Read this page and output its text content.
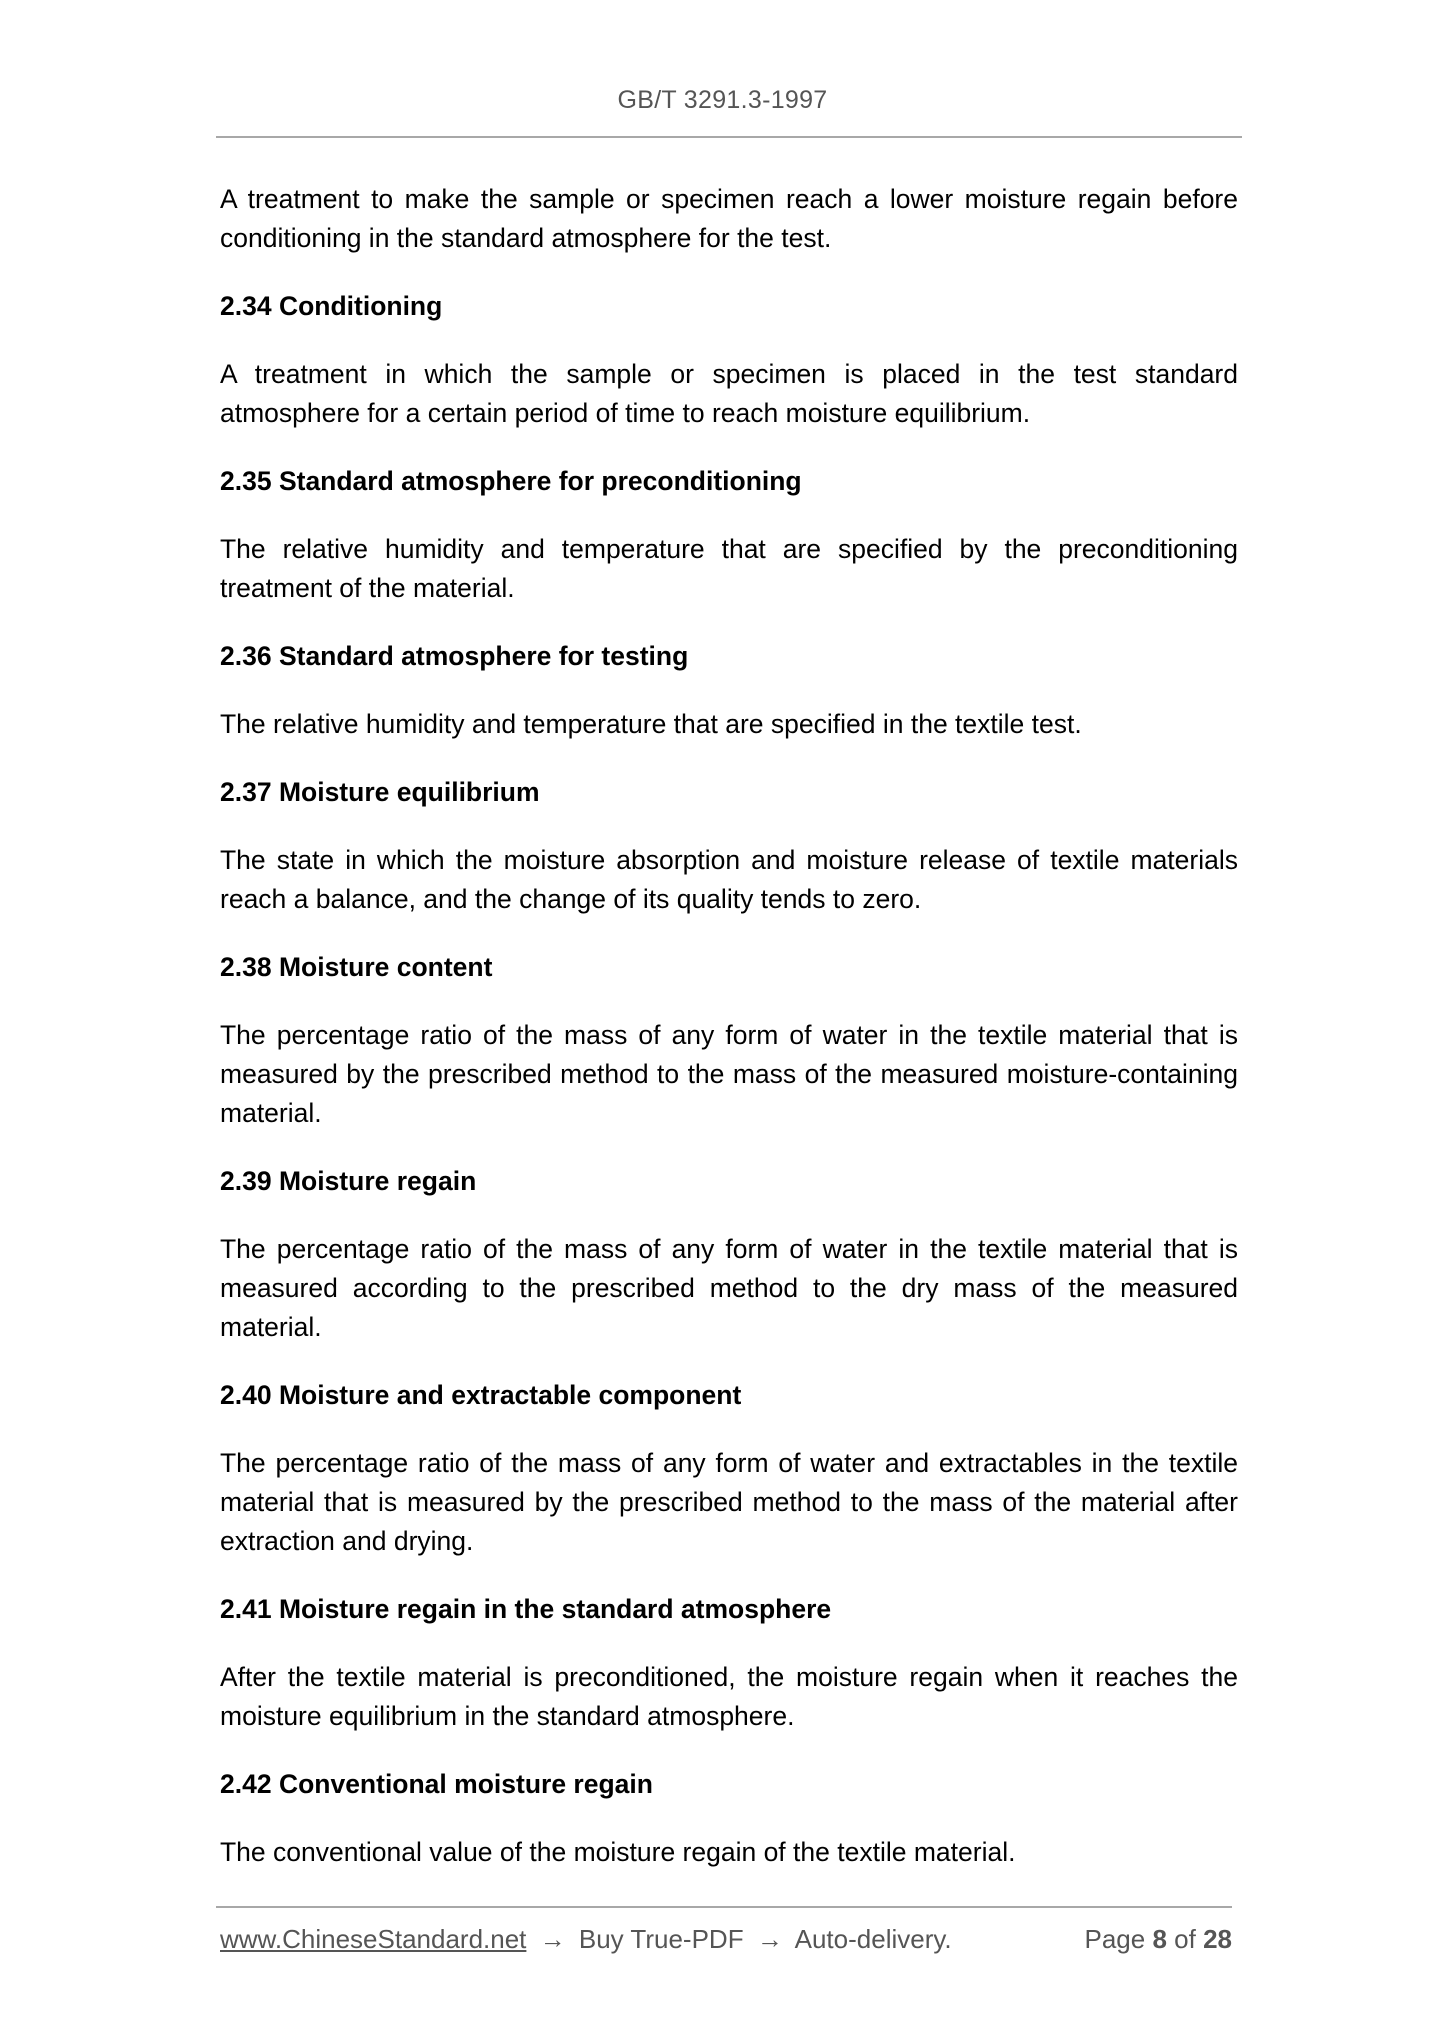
GB/T 3291.3-1997

A treatment to make the sample or specimen reach a lower moisture regain before conditioning in the standard atmosphere for the test.

2.34 Conditioning

A treatment in which the sample or specimen is placed in the test standard atmosphere for a certain period of time to reach moisture equilibrium.

2.35 Standard atmosphere for preconditioning

The relative humidity and temperature that are specified by the preconditioning treatment of the material.

2.36 Standard atmosphere for testing

The relative humidity and temperature that are specified in the textile test.

2.37 Moisture equilibrium

The state in which the moisture absorption and moisture release of textile materials reach a balance, and the change of its quality tends to zero.

2.38 Moisture content

The percentage ratio of the mass of any form of water in the textile material that is measured by the prescribed method to the mass of the measured moisture-containing material.

2.39 Moisture regain

The percentage ratio of the mass of any form of water in the textile material that is measured according to the prescribed method to the dry mass of the measured material.

2.40 Moisture and extractable component

The percentage ratio of the mass of any form of water and extractables in the textile material that is measured by the prescribed method to the mass of the material after extraction and drying.

2.41 Moisture regain in the standard atmosphere

After the textile material is preconditioned, the moisture regain when it reaches the moisture equilibrium in the standard atmosphere.

2.42 Conventional moisture regain

The conventional value of the moisture regain of the textile material.

www.ChineseStandard.net → Buy True-PDF → Auto-delivery.	Page 8 of 28
